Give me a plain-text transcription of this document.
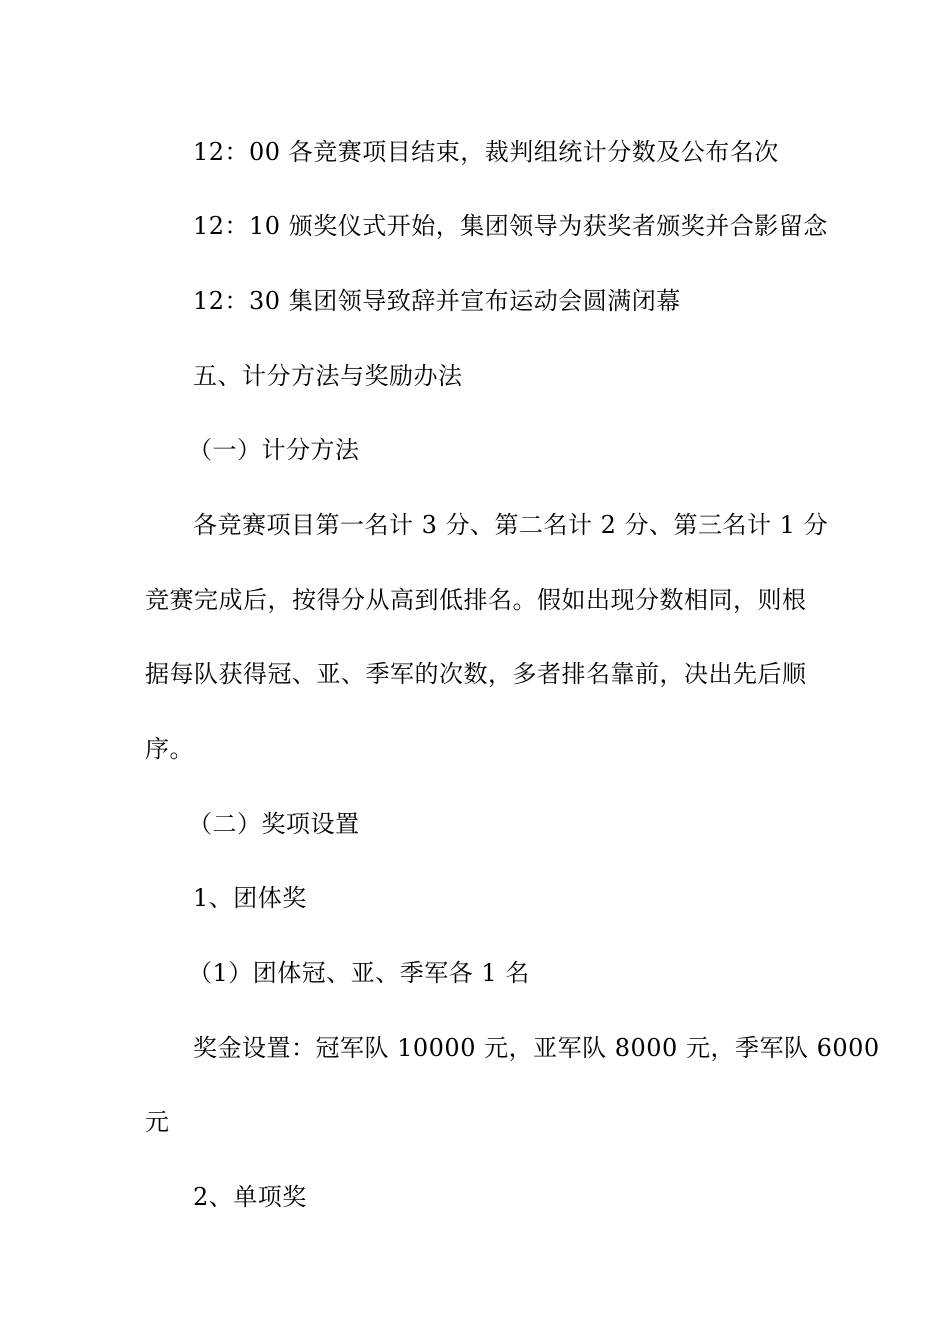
12：00 各竞赛项目结束，裁判组统计分数及公布名次

12：10 颁奖仪式开始，集团领导为获奖者颁奖并合影留念

12：30 集团领导致辞并宣布运动会圆满闭幕

五、计分方法与奖励办法

（一）计分方法

各竞赛项目第一名计 3 分、第二名计 2 分、第三名计 1 分

竞赛完成后，按得分从高到低排名。假如出现分数相同，则根

据每队获得冠、亚、季军的次数，多者排名靠前，决出先后顺

序。

（二）奖项设置

1、团体奖

（1）团体冠、亚、季军各 1 名

奖金设置：冠军队 10000 元，亚军队 8000 元，季军队 6000

元

2、单项奖
